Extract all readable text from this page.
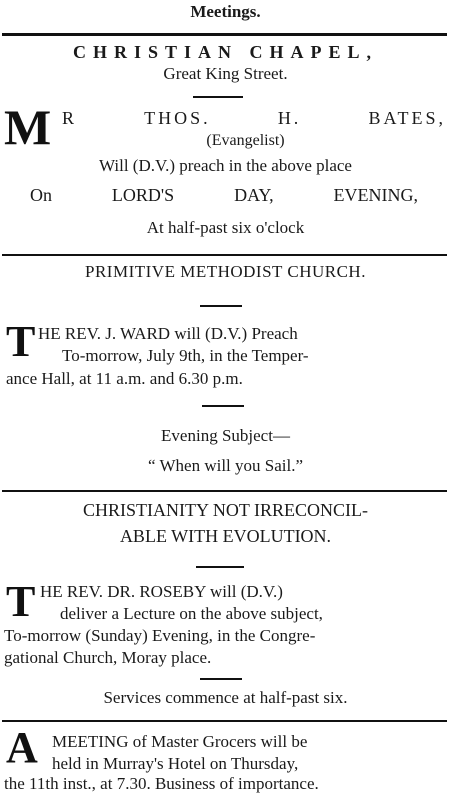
Meetings.
CHRISTIAN CHAPEL,
Great King Street.
M R	THOS.	H.	BATES,
(Evangelist)
Will (D.V.) preach in the above place
On	LORD'S	DAY,	EVENING,
At half-past six o'clock
PRIMITIVE METHODIST CHURCH.
T HE REV. J. WARD will (D.V.) Preach
To-morrow, July 9th, in the Temper-
ance Hall, at 11 a.m. and 6.30 p.m.
Evening Subject—
“ When will you Sail.”
CHRISTIANITY NOT IRRECONCIL-
ABLE WITH EVOLUTION.
T HE REV. DR. ROSEBY will (D.V.)
deliver a Lecture on the above subject,
To-morrow (Sunday) Evening, in the Congre-
gational Church, Moray place.
Services commence at half-past six.
A MEETING of Master Grocers will be
held in Murray's Hotel on Thursday,
the 11th inst., at 7.30. Business of importance.
